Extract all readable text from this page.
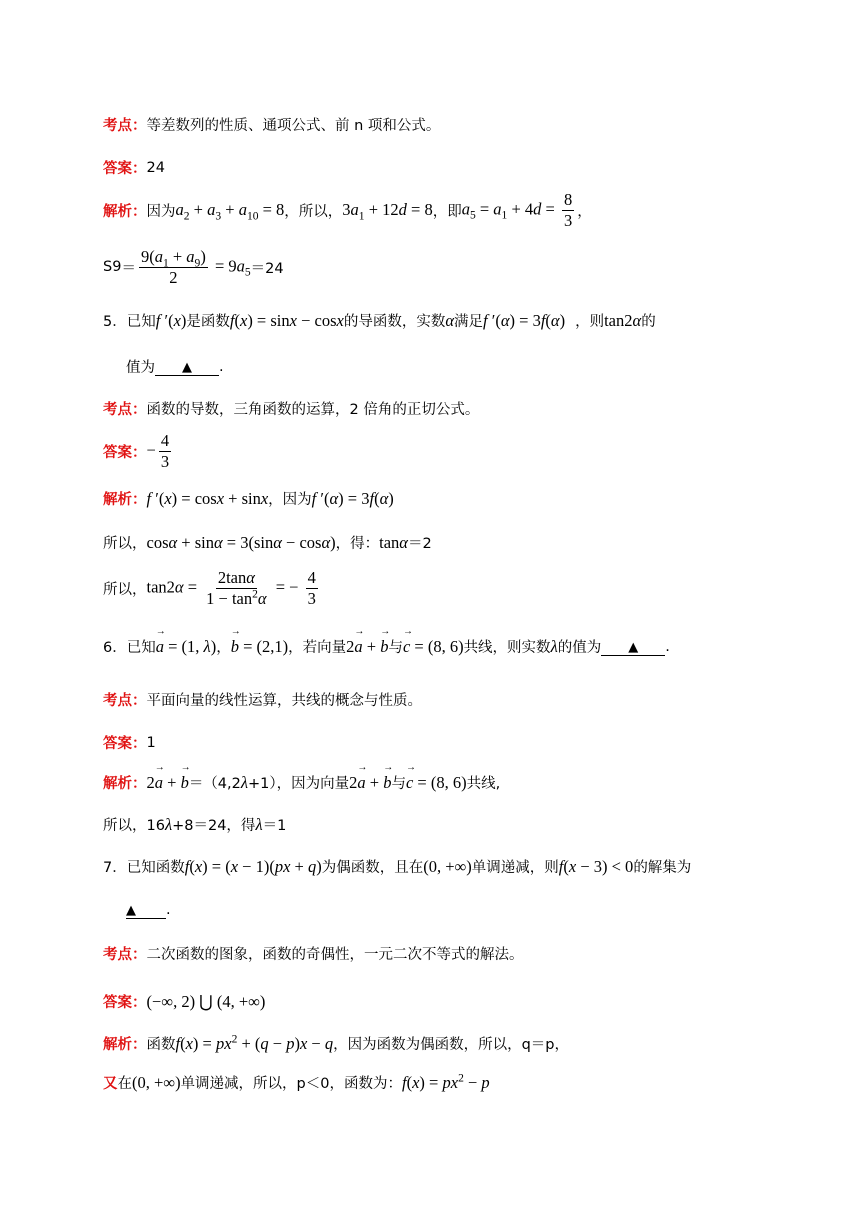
考点： 等差数列的性质、通项公式、前 n 项和公式。
答案： 24
解析： 因为 $a_2 + a_3 + a_{10} = 8$ ，所以， $3a_1 + 12d = 8$ ，即 $a_5 = a_1 + 4d = \frac{8}{3}$ ，
S $9 = \frac{9(a_1 + a_9)}{2} = 9a_5 =24$
5． 已知 f ′(x) 是函数 f(x) = sinx − cosx 的导函数，实数 α 满足 f ′(α) = 3f(α) ，则 tan2α 的
值为	▲	.
考点： 函数的导数，三角函数的运算，2 倍角的正切公式。
答案： − $\frac{4}{3}$
解析： f ′(x) = cosx + sinx ，因为 f ′(α) = 3f(α)
所以， cosα + sinα = 3(sinα − cosα) ，得： tanα ＝2
所以， $\tan 2\alpha = \frac{2\tan\alpha}{1 - \tan^2\alpha}$ = − $\frac{4}{3}$
6． 已知 → a = (1, λ) ， → b = (2,1) ，若向量 2→ a + → b 与 → c = (8, 6) 共线，则实数 λ 的值为	▲	.
考点： 平面向量的线性运算，共线的概念与性质。
答案： 1
解析： 2→ a + → b ＝（4,2 λ +1），因为向量 2→ a + → b 与 → c = (8, 6) 共线,
所以，16 λ +8＝24，得 λ ＝1
7． 已知函数 f(x) = (x − 1)(px + q) 为偶函数，且在 (0, +∞) 单调递减，则 f(x − 3) < 0 的解集为
▲	.
考点： 二次函数的图象，函数的奇偶性，一元二次不等式的解法。
答案： (−∞, 2) ⋃ (4, +∞)
解析： 函数 $f(x) = px^2 + (q - p)x - q$ ，因为函数为偶函数，所以，q＝p，
又 在 (0, +∞) 单调递减，所以，p＜0，函数为： $f(x) = px^2 - p$
